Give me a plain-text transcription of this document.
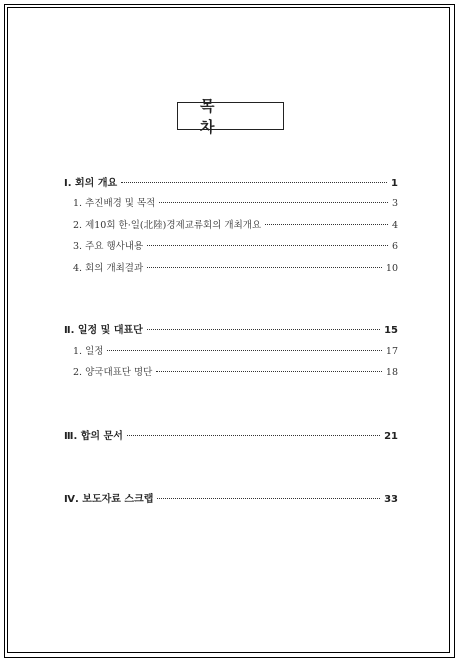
목 차
Ⅰ. 회의 개요	1
1. 추진배경 및 목적	3
2. 제10회 한·일(北陸)경제교류회의 개최개요	4
3. 주요 행사내용	6
4. 회의 개최결과	10
Ⅱ. 일정 및 대표단	15
1. 일정	17
2. 양국대표단 명단	18
Ⅲ. 합의 문서	21
Ⅳ. 보도자료 스크랩	33
